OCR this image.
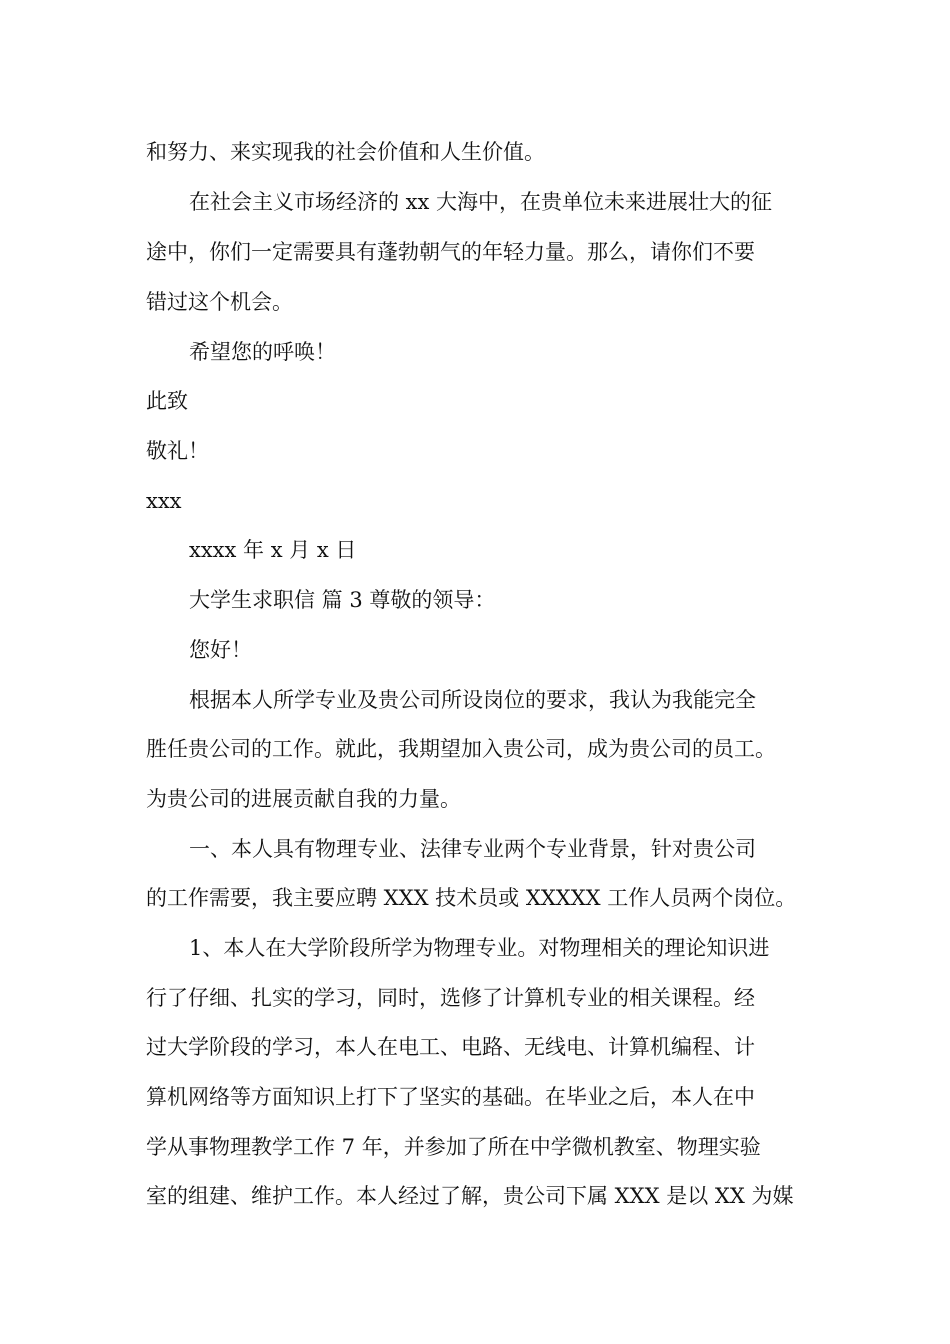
和努力、来实现我的社会价值和人生价值。
在社会主义市场经济的 xx 大海中，在贵单位未来进展壮大的征
途中，你们一定需要具有蓬勃朝气的年轻力量。那么，请你们不要
错过这个机会。
希望您的呼唤！
此致
敬礼！
xxx
xxxx 年 x 月 x 日
大学生求职信 篇 3 尊敬的领导：
您好！
根据本人所学专业及贵公司所设岗位的要求，我认为我能完全
胜任贵公司的工作。就此，我期望加入贵公司，成为贵公司的员工。
为贵公司的进展贡献自我的力量。
一、本人具有物理专业、法律专业两个专业背景，针对贵公司
的工作需要，我主要应聘 XXX 技术员或 XXXXX 工作人员两个岗位。
1、本人在大学阶段所学为物理专业。对物理相关的理论知识进
行了仔细、扎实的学习，同时，选修了计算机专业的相关课程。经
过大学阶段的学习，本人在电工、电路、无线电、计算机编程、计
算机网络等方面知识上打下了坚实的基础。在毕业之后，本人在中
学从事物理教学工作 7 年，并参加了所在中学微机教室、物理实验
室的组建、维护工作。本人经过了解，贵公司下属 XXX 是以 XX 为媒
